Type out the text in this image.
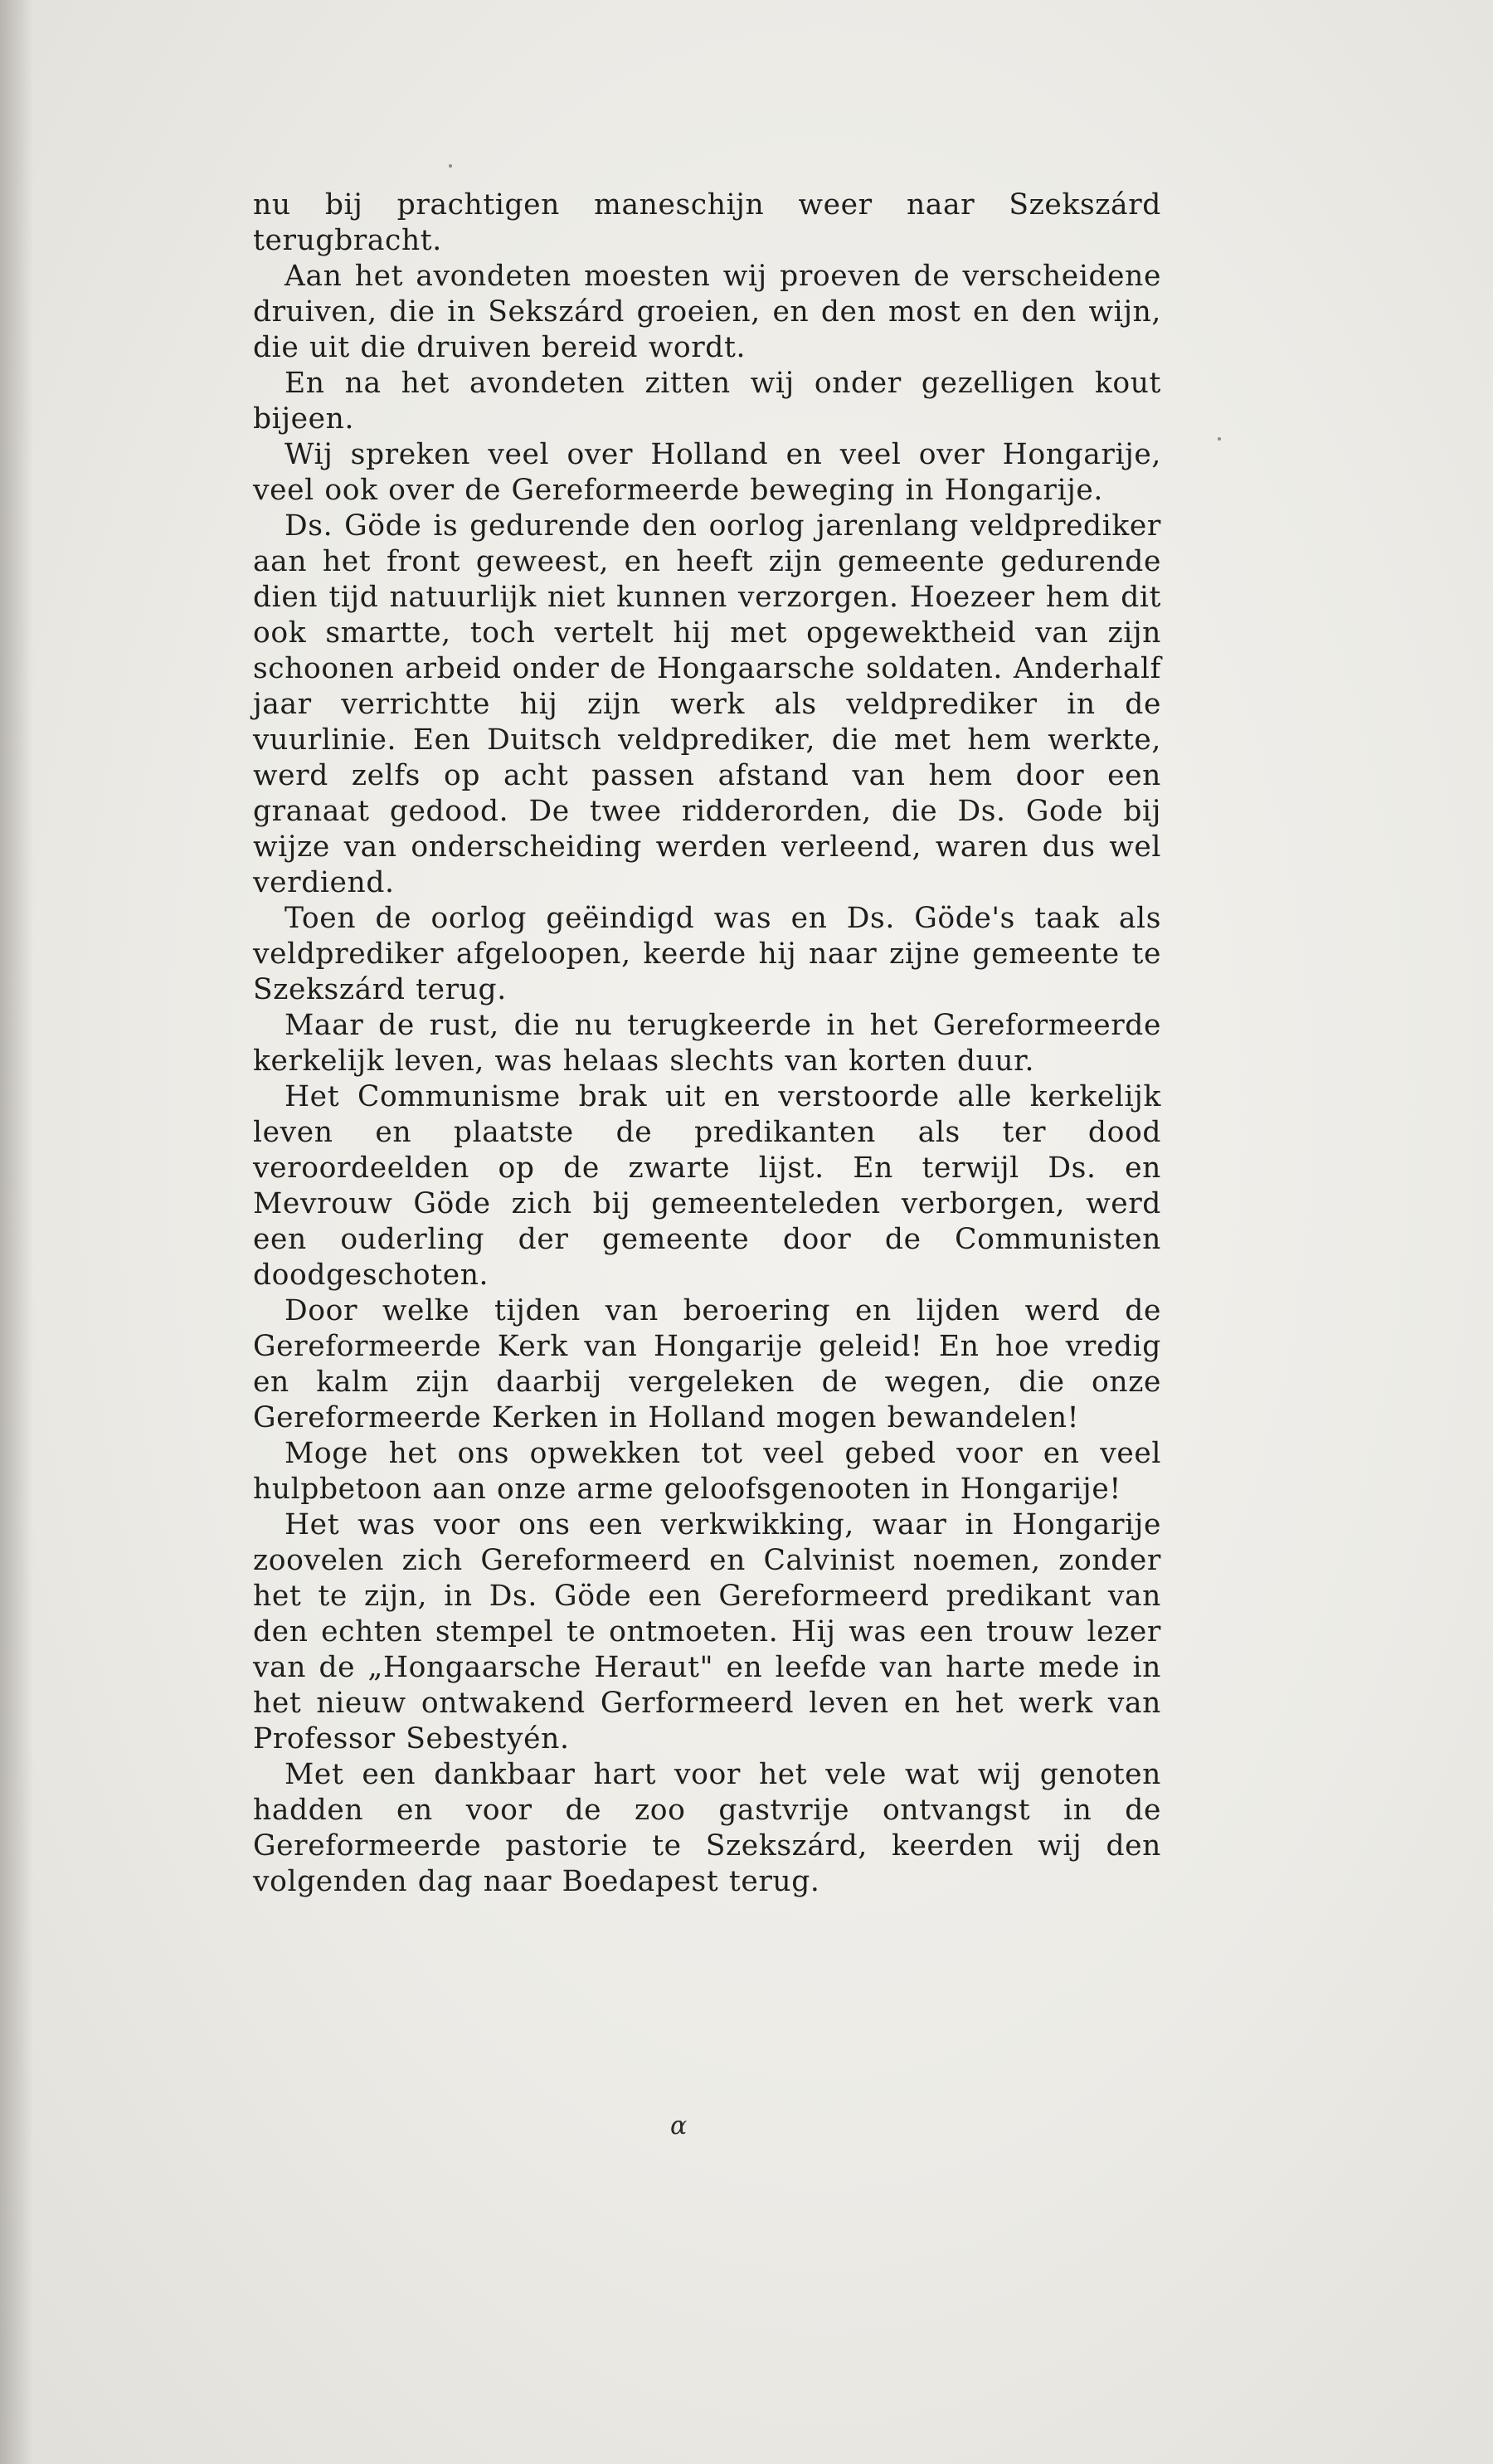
nu bij prachtigen maneschijn weer naar Szekszárd terugbracht.

Aan het avondeten moesten wij proeven de verscheidene druiven, die in Sekszárd groeien, en den most en den wijn, die uit die druiven bereid wordt.

En na het avondeten zitten wij onder gezelligen kout bijeen.

Wij spreken veel over Holland en veel over Hongarije, veel ook over de Gereformeerde beweging in Hongarije.

Ds. Göde is gedurende den oorlog jarenlang veldprediker aan het front geweest, en heeft zijn gemeente gedurende dien tijd natuurlijk niet kunnen verzorgen. Hoezeer hem dit ook smartte, toch vertelt hij met opgewektheid van zijn schoonen arbeid onder de Hongaarsche soldaten. Anderhalf jaar verrichtte hij zijn werk als veldprediker in de vuurlinie. Een Duitsch veldprediker, die met hem werkte, werd zelfs op acht passen afstand van hem door een granaat gedood. De twee ridderorden, die Ds. Gode bij wijze van onderscheiding werden verleend, waren dus wel verdiend.

Toen de oorlog geëindigd was en Ds. Göde's taak als veldprediker afgeloopen, keerde hij naar zijne gemeente te Szekszárd terug.

Maar de rust, die nu terugkeerde in het Gereformeerde kerkelijk leven, was helaas slechts van korten duur.

Het Communisme brak uit en verstoorde alle kerkelijk leven en plaatste de predikanten als ter dood veroordeelden op de zwarte lijst. En terwijl Ds. en Mevrouw Göde zich bij gemeenteleden verborgen, werd een ouderling der gemeente door de Communisten doodgeschoten.

Door welke tijden van beroering en lijden werd de Gereformeerde Kerk van Hongarije geleid! En hoe vredig en kalm zijn daarbij vergeleken de wegen, die onze Gereformeerde Kerken in Holland mogen bewandelen!

Moge het ons opwekken tot veel gebed voor en veel hulpbetoon aan onze arme geloofsgenooten in Hongarije!

Het was voor ons een verkwikking, waar in Hongarije zoovelen zich Gereformeerd en Calvinist noemen, zonder het te zijn, in Ds. Göde een Gereformeerd predikant van den echten stempel te ontmoeten. Hij was een trouw lezer van de „Hongaarsche Heraut" en leefde van harte mede in het nieuw ontwakend Gerformeerd leven en het werk van Professor Sebestyén.

Met een dankbaar hart voor het vele wat wij genoten hadden en voor de zoo gastvrije ontvangst in de Gereformeerde pastorie te Szekszárd, keerden wij den volgenden dag naar Boedapest terug.

α
